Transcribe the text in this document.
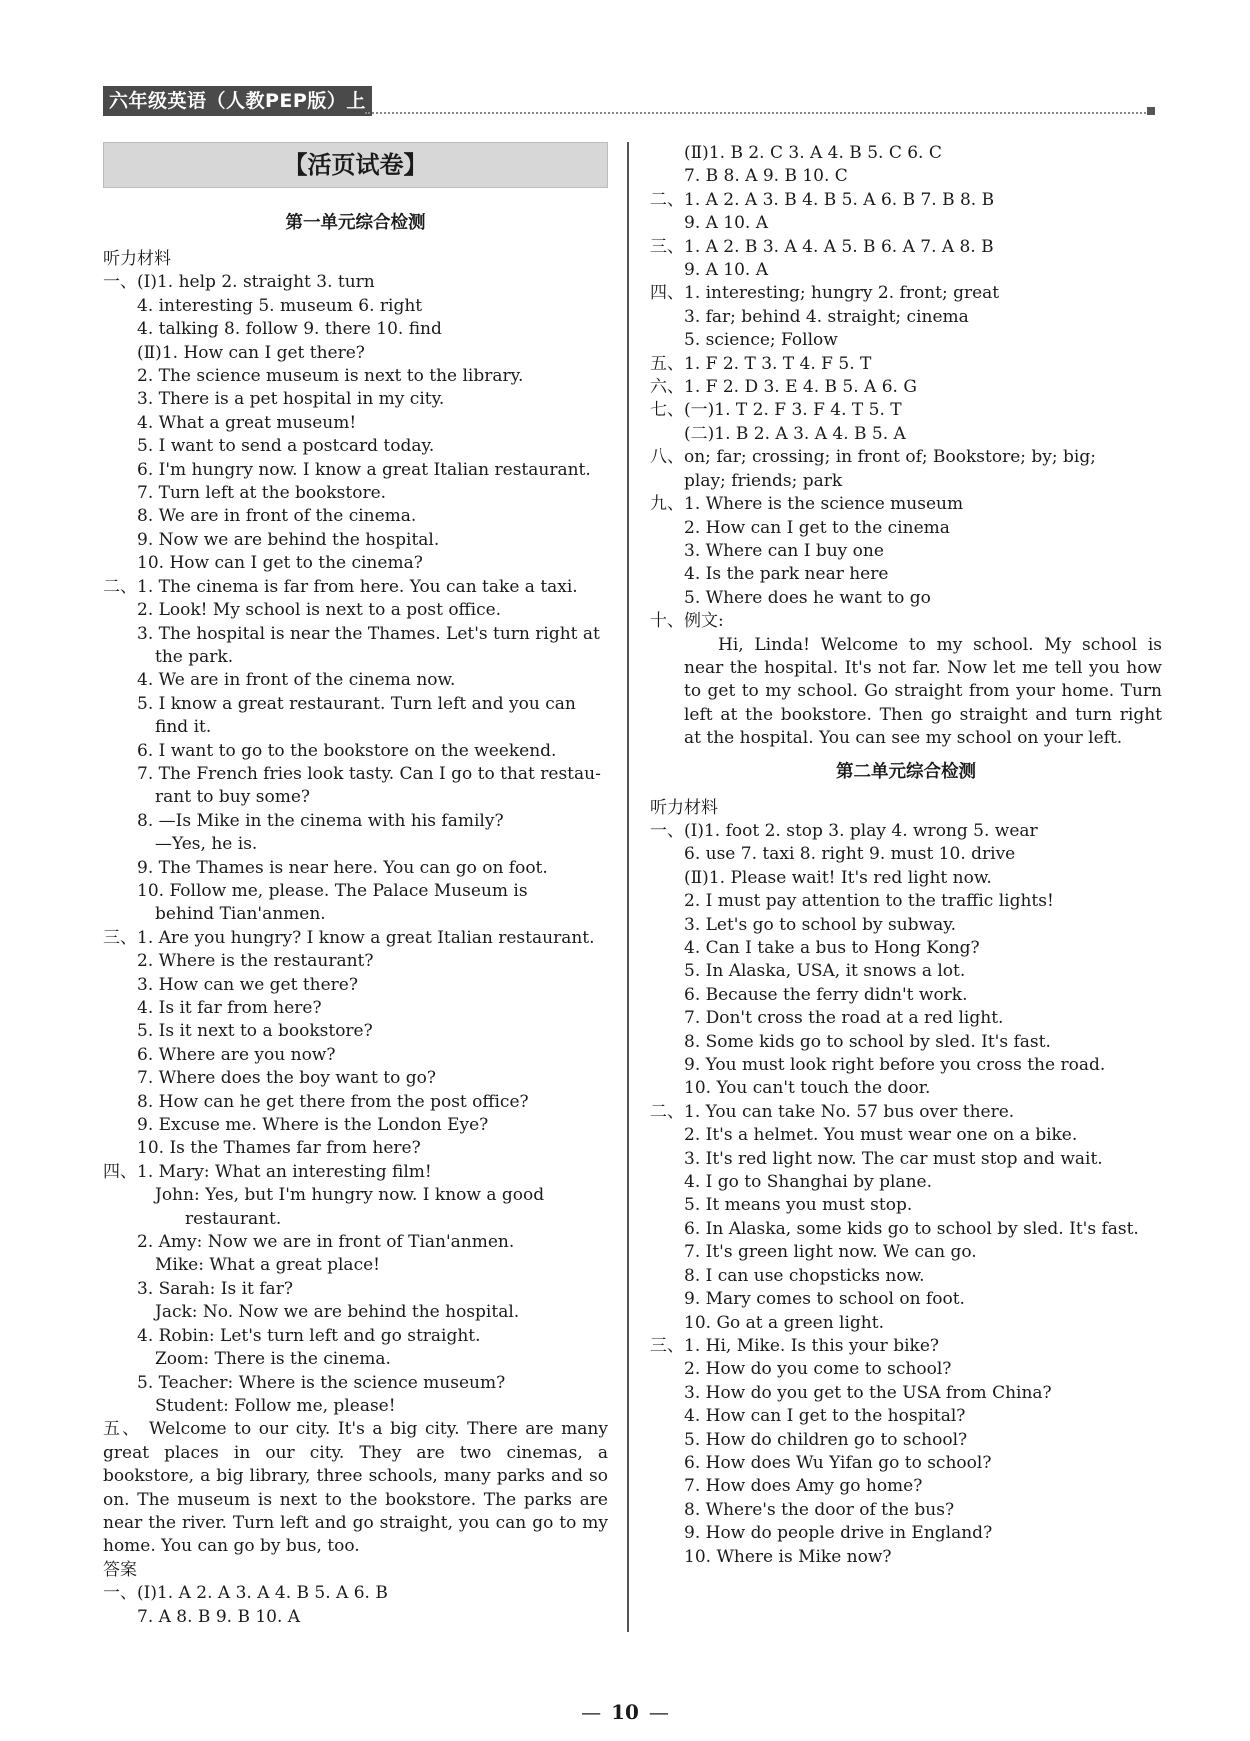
六年级英语（人教PEP版）上
【活页试卷】
第一单元综合检测
听力材料
一、(Ⅰ)1. help 2. straight 3. turn
4. interesting 5. museum 6. right
4. talking 8. follow 9. there 10. find
(Ⅱ)1. How can I get there?
2. The science museum is next to the library.
3. There is a pet hospital in my city.
4. What a great museum!
5. I want to send a postcard today.
6. I'm hungry now. I know a great Italian restaurant.
7. Turn left at the bookstore.
8. We are in front of the cinema.
9. Now we are behind the hospital.
10. How can I get to the cinema?
二、1. The cinema is far from here. You can take a taxi.
2. Look! My school is next to a post office.
3. The hospital is near the Thames. Let's turn right at
the park.
4. We are in front of the cinema now.
5. I know a great restaurant. Turn left and you can
find it.
6. I want to go to the bookstore on the weekend.
7. The French fries look tasty. Can I go to that restau-
rant to buy some?
8. —Is Mike in the cinema with his family?
—Yes, he is.
9. The Thames is near here. You can go on foot.
10. Follow me, please. The Palace Museum is
behind Tian'anmen.
三、1. Are you hungry? I know a great Italian restaurant.
2. Where is the restaurant?
3. How can we get there?
4. Is it far from here?
5. Is it next to a bookstore?
6. Where are you now?
7. Where does the boy want to go?
8. How can he get there from the post office?
9. Excuse me. Where is the London Eye?
10. Is the Thames far from here?
四、1. Mary: What an interesting film!
John: Yes, but I'm hungry now. I know a good
restaurant.
2. Amy: Now we are in front of Tian'anmen.
Mike: What a great place!
3. Sarah: Is it far?
Jack: No. Now we are behind the hospital.
4. Robin: Let's turn left and go straight.
Zoom: There is the cinema.
5. Teacher: Where is the science museum?
Student: Follow me, please!
五、 Welcome to our city. It's a big city. There are many great places in our city. They are two cinemas, a bookstore, a big library, three schools, many parks and so on. The museum is next to the bookstore. The parks are near the river. Turn left and go straight, you can go to my home. You can go by bus, too.
答案
一、(Ⅰ)1. A 2. A 3. A 4. B 5. A 6. B
7. A 8. B 9. B 10. A
(Ⅱ)1. B 2. C 3. A 4. B 5. C 6. C
7. B 8. A 9. B 10. C
二、1. A 2. A 3. B 4. B 5. A 6. B 7. B 8. B
9. A 10. A
三、1. A 2. B 3. A 4. A 5. B 6. A 7. A 8. B
9. A 10. A
四、1. interesting; hungry 2. front; great
3. far; behind 4. straight; cinema
5. science; Follow
五、1. F 2. T 3. T 4. F 5. T
六、1. F 2. D 3. E 4. B 5. A 6. G
七、(一)1. T 2. F 3. F 4. T 5. T
(二)1. B 2. A 3. A 4. B 5. A
八、on; far; crossing; in front of; Bookstore; by; big;
play; friends; park
九、1. Where is the science museum
2. How can I get to the cinema
3. Where can I buy one
4. Is the park near here
5. Where does he want to go
十、例文:
Hi, Linda! Welcome to my school. My school is near the hospital. It's not far. Now let me tell you how to get to my school. Go straight from your home. Turn left at the bookstore. Then go straight and turn right at the hospital. You can see my school on your left.
第二单元综合检测
听力材料
一、(Ⅰ)1. foot 2. stop 3. play 4. wrong 5. wear
6. use 7. taxi 8. right 9. must 10. drive
(Ⅱ)1. Please wait! It's red light now.
2. I must pay attention to the traffic lights!
3. Let's go to school by subway.
4. Can I take a bus to Hong Kong?
5. In Alaska, USA, it snows a lot.
6. Because the ferry didn't work.
7. Don't cross the road at a red light.
8. Some kids go to school by sled. It's fast.
9. You must look right before you cross the road.
10. You can't touch the door.
二、1. You can take No. 57 bus over there.
2. It's a helmet. You must wear one on a bike.
3. It's red light now. The car must stop and wait.
4. I go to Shanghai by plane.
5. It means you must stop.
6. In Alaska, some kids go to school by sled. It's fast.
7. It's green light now. We can go.
8. I can use chopsticks now.
9. Mary comes to school on foot.
10. Go at a green light.
三、1. Hi, Mike. Is this your bike?
2. How do you come to school?
3. How do you get to the USA from China?
4. How can I get to the hospital?
5. How do children go to school?
6. How does Wu Yifan go to school?
7. How does Amy go home?
8. Where's the door of the bus?
9. How do people drive in England?
10. Where is Mike now?
— 10 —
